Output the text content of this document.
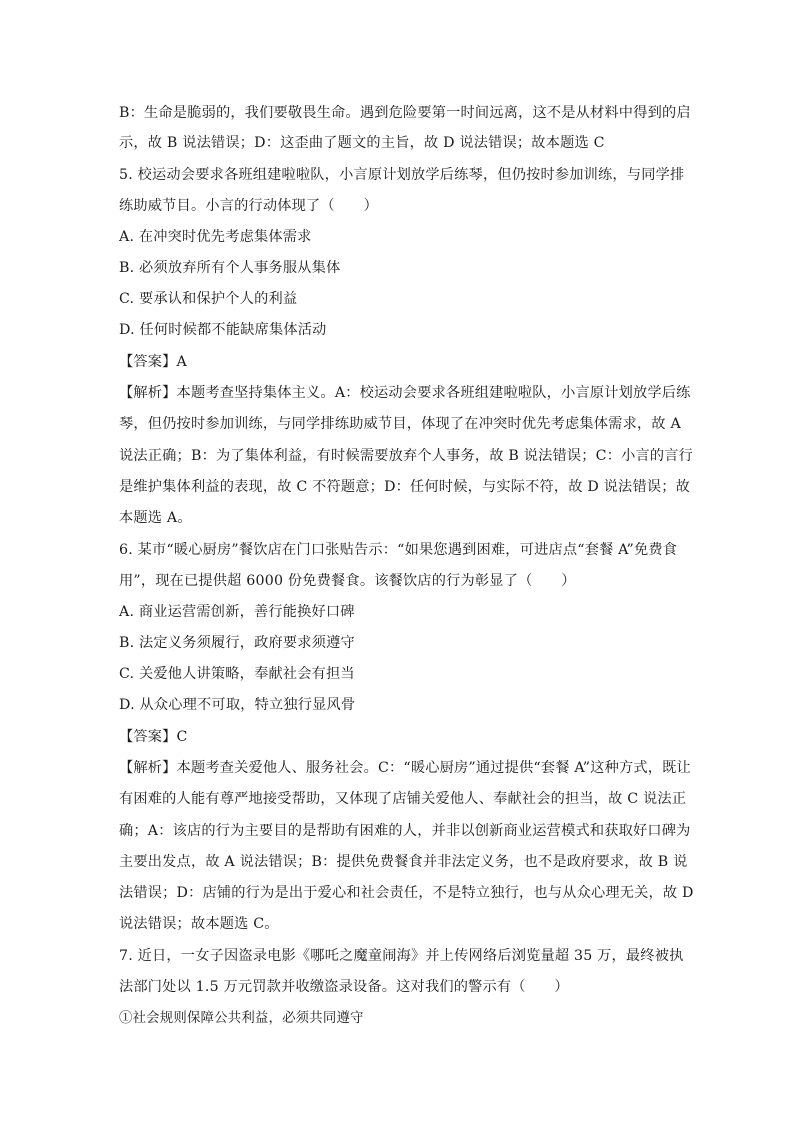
B：生命是脆弱的，我们要敬畏生命。遇到危险要第一时间远离，这不是从材料中得到的启
示，故 B 说法错误；D：这歪曲了题文的主旨，故 D 说法错误；故本题选 C
5. 校运动会要求各班组建啦啦队，小言原计划放学后练琴，但仍按时参加训练，与同学排
练助威节目。小言的行动体现了（　　）
A. 在冲突时优先考虑集体需求
B. 必须放弃所有个人事务服从集体
C. 要承认和保护个人的利益
D. 任何时候都不能缺席集体活动
【答案】A
【解析】本题考查坚持集体主义。A：校运动会要求各班组建啦啦队，小言原计划放学后练
琴，但仍按时参加训练，与同学排练助威节目，体现了在冲突时优先考虑集体需求，故 A
说法正确；B：为了集体利益，有时候需要放弃个人事务，故 B 说法错误；C：小言的言行
是维护集体利益的表现，故 C 不符题意；D：任何时候，与实际不符，故 D 说法错误；故
本题选 A。
6. 某市“暖心厨房”餐饮店在门口张贴告示：“如果您遇到困难，可进店点“套餐 A”免费食
用”，现在已提供超 6000 份免费餐食。该餐饮店的行为彰显了（　　）
A. 商业运营需创新，善行能换好口碑
B. 法定义务须履行，政府要求须遵守
C. 关爱他人讲策略，奉献社会有担当
D. 从众心理不可取，特立独行显风骨
【答案】C
【解析】本题考查关爱他人、服务社会。C：“暖心厨房”通过提供“套餐 A”这种方式，既让
有困难的人能有尊严地接受帮助，又体现了店铺关爱他人、奉献社会的担当，故 C 说法正
确；A：该店的行为主要目的是帮助有困难的人，并非以创新商业运营模式和获取好口碑为
主要出发点，故 A 说法错误；B：提供免费餐食并非法定义务，也不是政府要求，故 B 说
法错误；D：店铺的行为是出于爱心和社会责任，不是特立独行，也与从众心理无关，故 D
说法错误；故本题选 C。
7. 近日，一女子因盗录电影《哪吒之魔童闹海》并上传网络后浏览量超 35 万，最终被执
法部门处以 1.5 万元罚款并收缴盗录设备。这对我们的警示有（　　）
①社会规则保障公共利益，必须共同遵守
